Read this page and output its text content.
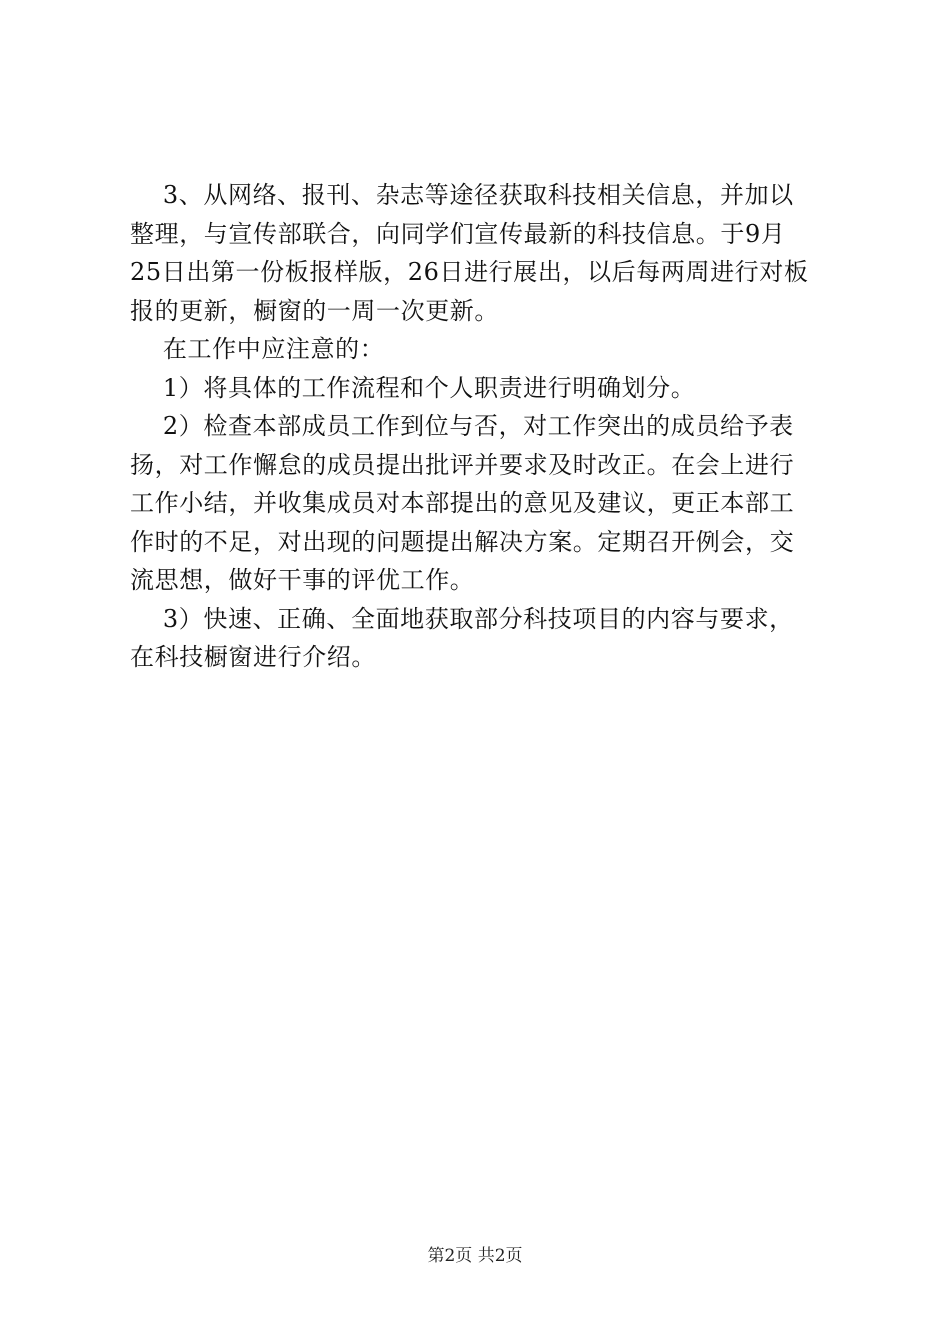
3、从网络、报刊、杂志等途径获取科技相关信息，并加以
整理，与宣传部联合，向同学们宣传最新的科技信息。于9月
25日出第一份板报样版，26日进行展出，以后每两周进行对板
报的更新，橱窗的一周一次更新。
在工作中应注意的：
1）将具体的工作流程和个人职责进行明确划分。
2）检查本部成员工作到位与否，对工作突出的成员给予表
扬，对工作懈怠的成员提出批评并要求及时改正。在会上进行
工作小结，并收集成员对本部提出的意见及建议，更正本部工
作时的不足，对出现的问题提出解决方案。定期召开例会，交
流思想，做好干事的评优工作。
3）快速、正确、全面地获取部分科技项目的内容与要求，
在科技橱窗进行介绍。
第2页 共2页
